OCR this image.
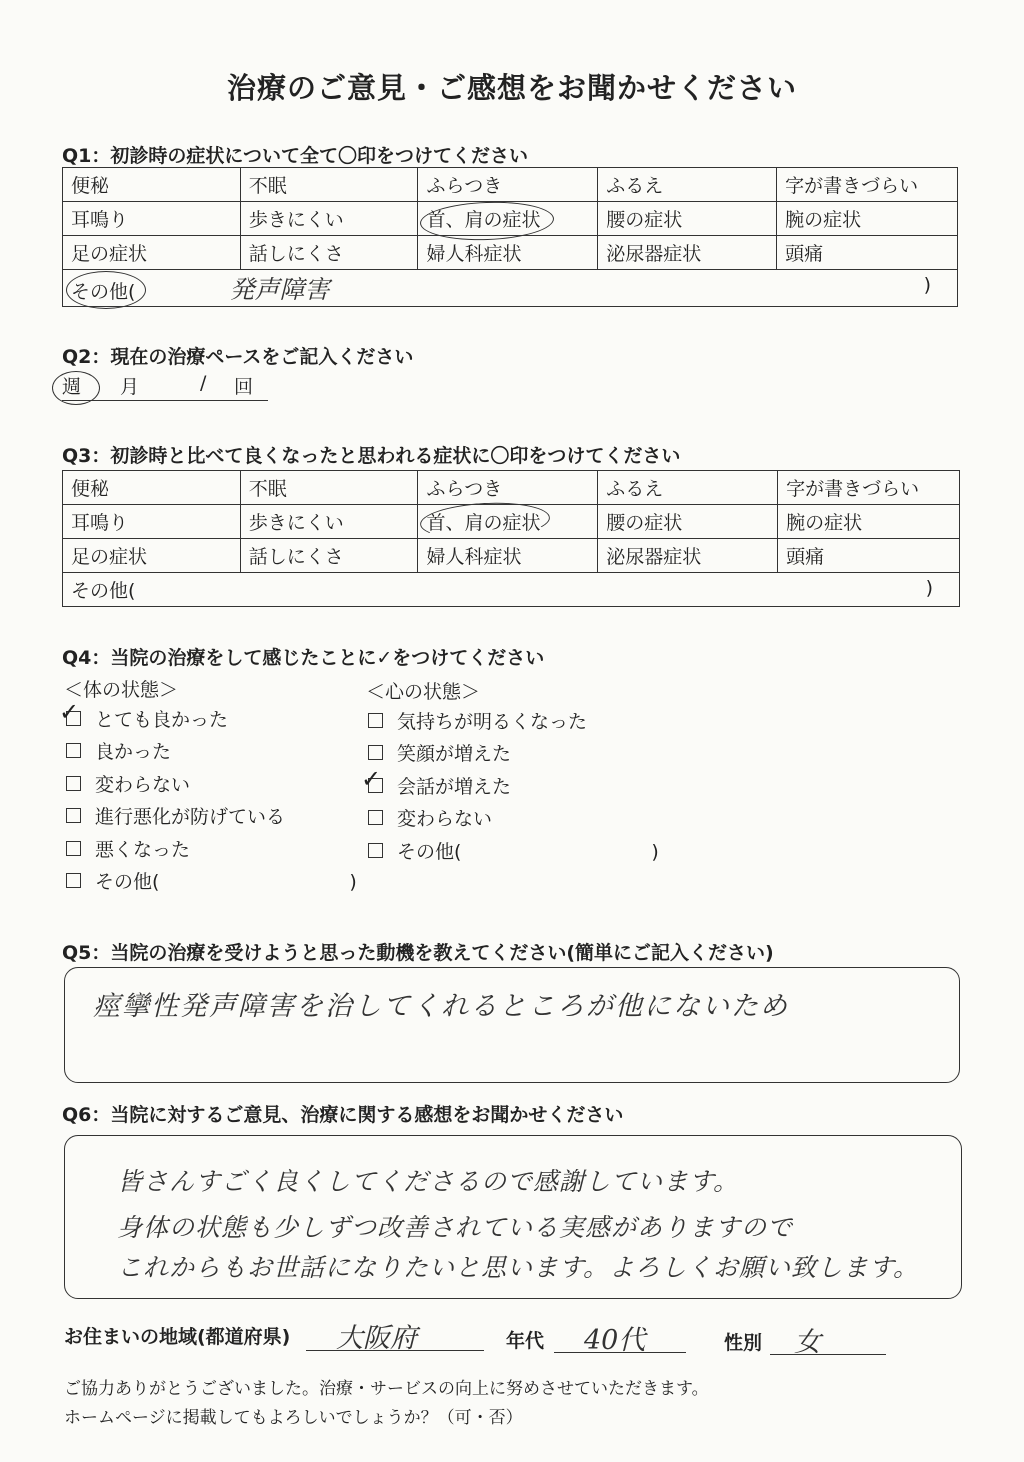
治療のご意見・ご感想をお聞かせください
Q1：初診時の症状について全て〇印をつけてください
便秘	不眠	ふらつき	ふるえ	字が書きづらい
耳鳴り	歩きにくい	首、肩の症状	腰の症状	腕の症状
足の症状	話しにくさ	婦人科症状	泌尿器症状	頭痛
その他( 発声障害 )				
Q2：現在の治療ペースをご記入ください
週 月	/ 回
Q3：初診時と比べて良くなったと思われる症状に〇印をつけてください
便秘	不眠	ふらつき	ふるえ	字が書きづらい
耳鳴り	歩きにくい	首、肩の症状	腰の症状	腕の症状
足の症状	話しにくさ	婦人科症状	泌尿器症状	頭痛
その他( )				
Q4：当院の治療をして感じたことに✓をつけてください
＜体の状態＞	＜心の状態＞
✓ とても良かった
良かった
変わらない
進行悪化が防げている
悪くなった
その他(　　　　　　　　　　)
気持ちが明るくなった
笑顔が増えた
✓ 会話が増えた
変わらない
その他(　　　　　　　　　　)
Q5：当院の治療を受けようと思った動機を教えてください(簡単にご記入ください)
痙攣性発声障害を治してくれるところが他にないため
Q6：当院に対するご意見、治療に関する感想をお聞かせください
皆さんすごく良くしてくださるので感謝しています。
身体の状態も少しずつ改善されている実感がありますので
これからもお世話になりたいと思います。よろしくお願い致します。
お住まいの地域(都道府県) 大阪府	年代 40代	性別 女
ご協力ありがとうございました。治療・サービスの向上に努めさせていただきます。
ホームページに掲載してもよろしいでしょうか？（可・否）
